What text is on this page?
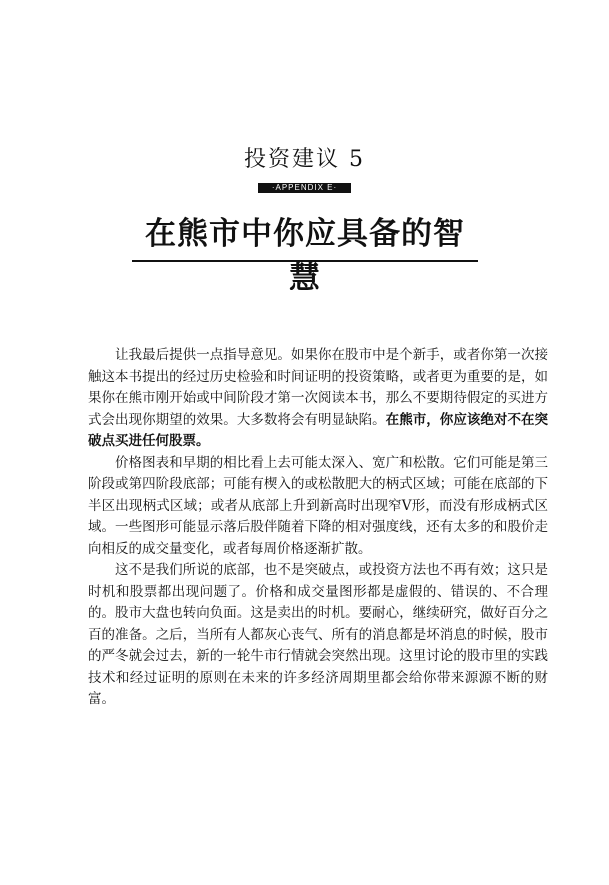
投资建议 5
·APPENDIX E·
在熊市中你应具备的智慧

让我最后提供一点指导意见。如果你在股市中是个新手，或者你第一次接触这本书提出的经过历史检验和时间证明的投资策略，或者更为重要的是，如果你在熊市刚开始或中间阶段才第一次阅读本书，那么不要期待假定的买进方式会出现你期望的效果。大多数将会有明显缺陷。在熊市，你应该绝对不在突破点买进任何股票。

价格图表和早期的相比看上去可能太深入、宽广和松散。它们可能是第三阶段或第四阶段底部；可能有楔入的或松散肥大的柄式区域；可能在底部的下半区出现柄式区域；或者从底部上升到新高时出现窄V形，而没有形成柄式区域。一些图形可能显示落后股伴随着下降的相对强度线，还有太多的和股价走向相反的成交量变化，或者每周价格逐渐扩散。

这不是我们所说的底部，也不是突破点，或投资方法也不再有效；这只是时机和股票都出现问题了。价格和成交量图形都是虚假的、错误的、不合理的。股市大盘也转向负面。这是卖出的时机。要耐心，继续研究，做好百分之百的准备。之后，当所有人都灰心丧气、所有的消息都是坏消息的时候，股市的严冬就会过去，新的一轮牛市行情就会突然出现。这里讨论的股市里的实践技术和经过证明的原则在未来的许多经济周期里都会给你带来源源不断的财富。
